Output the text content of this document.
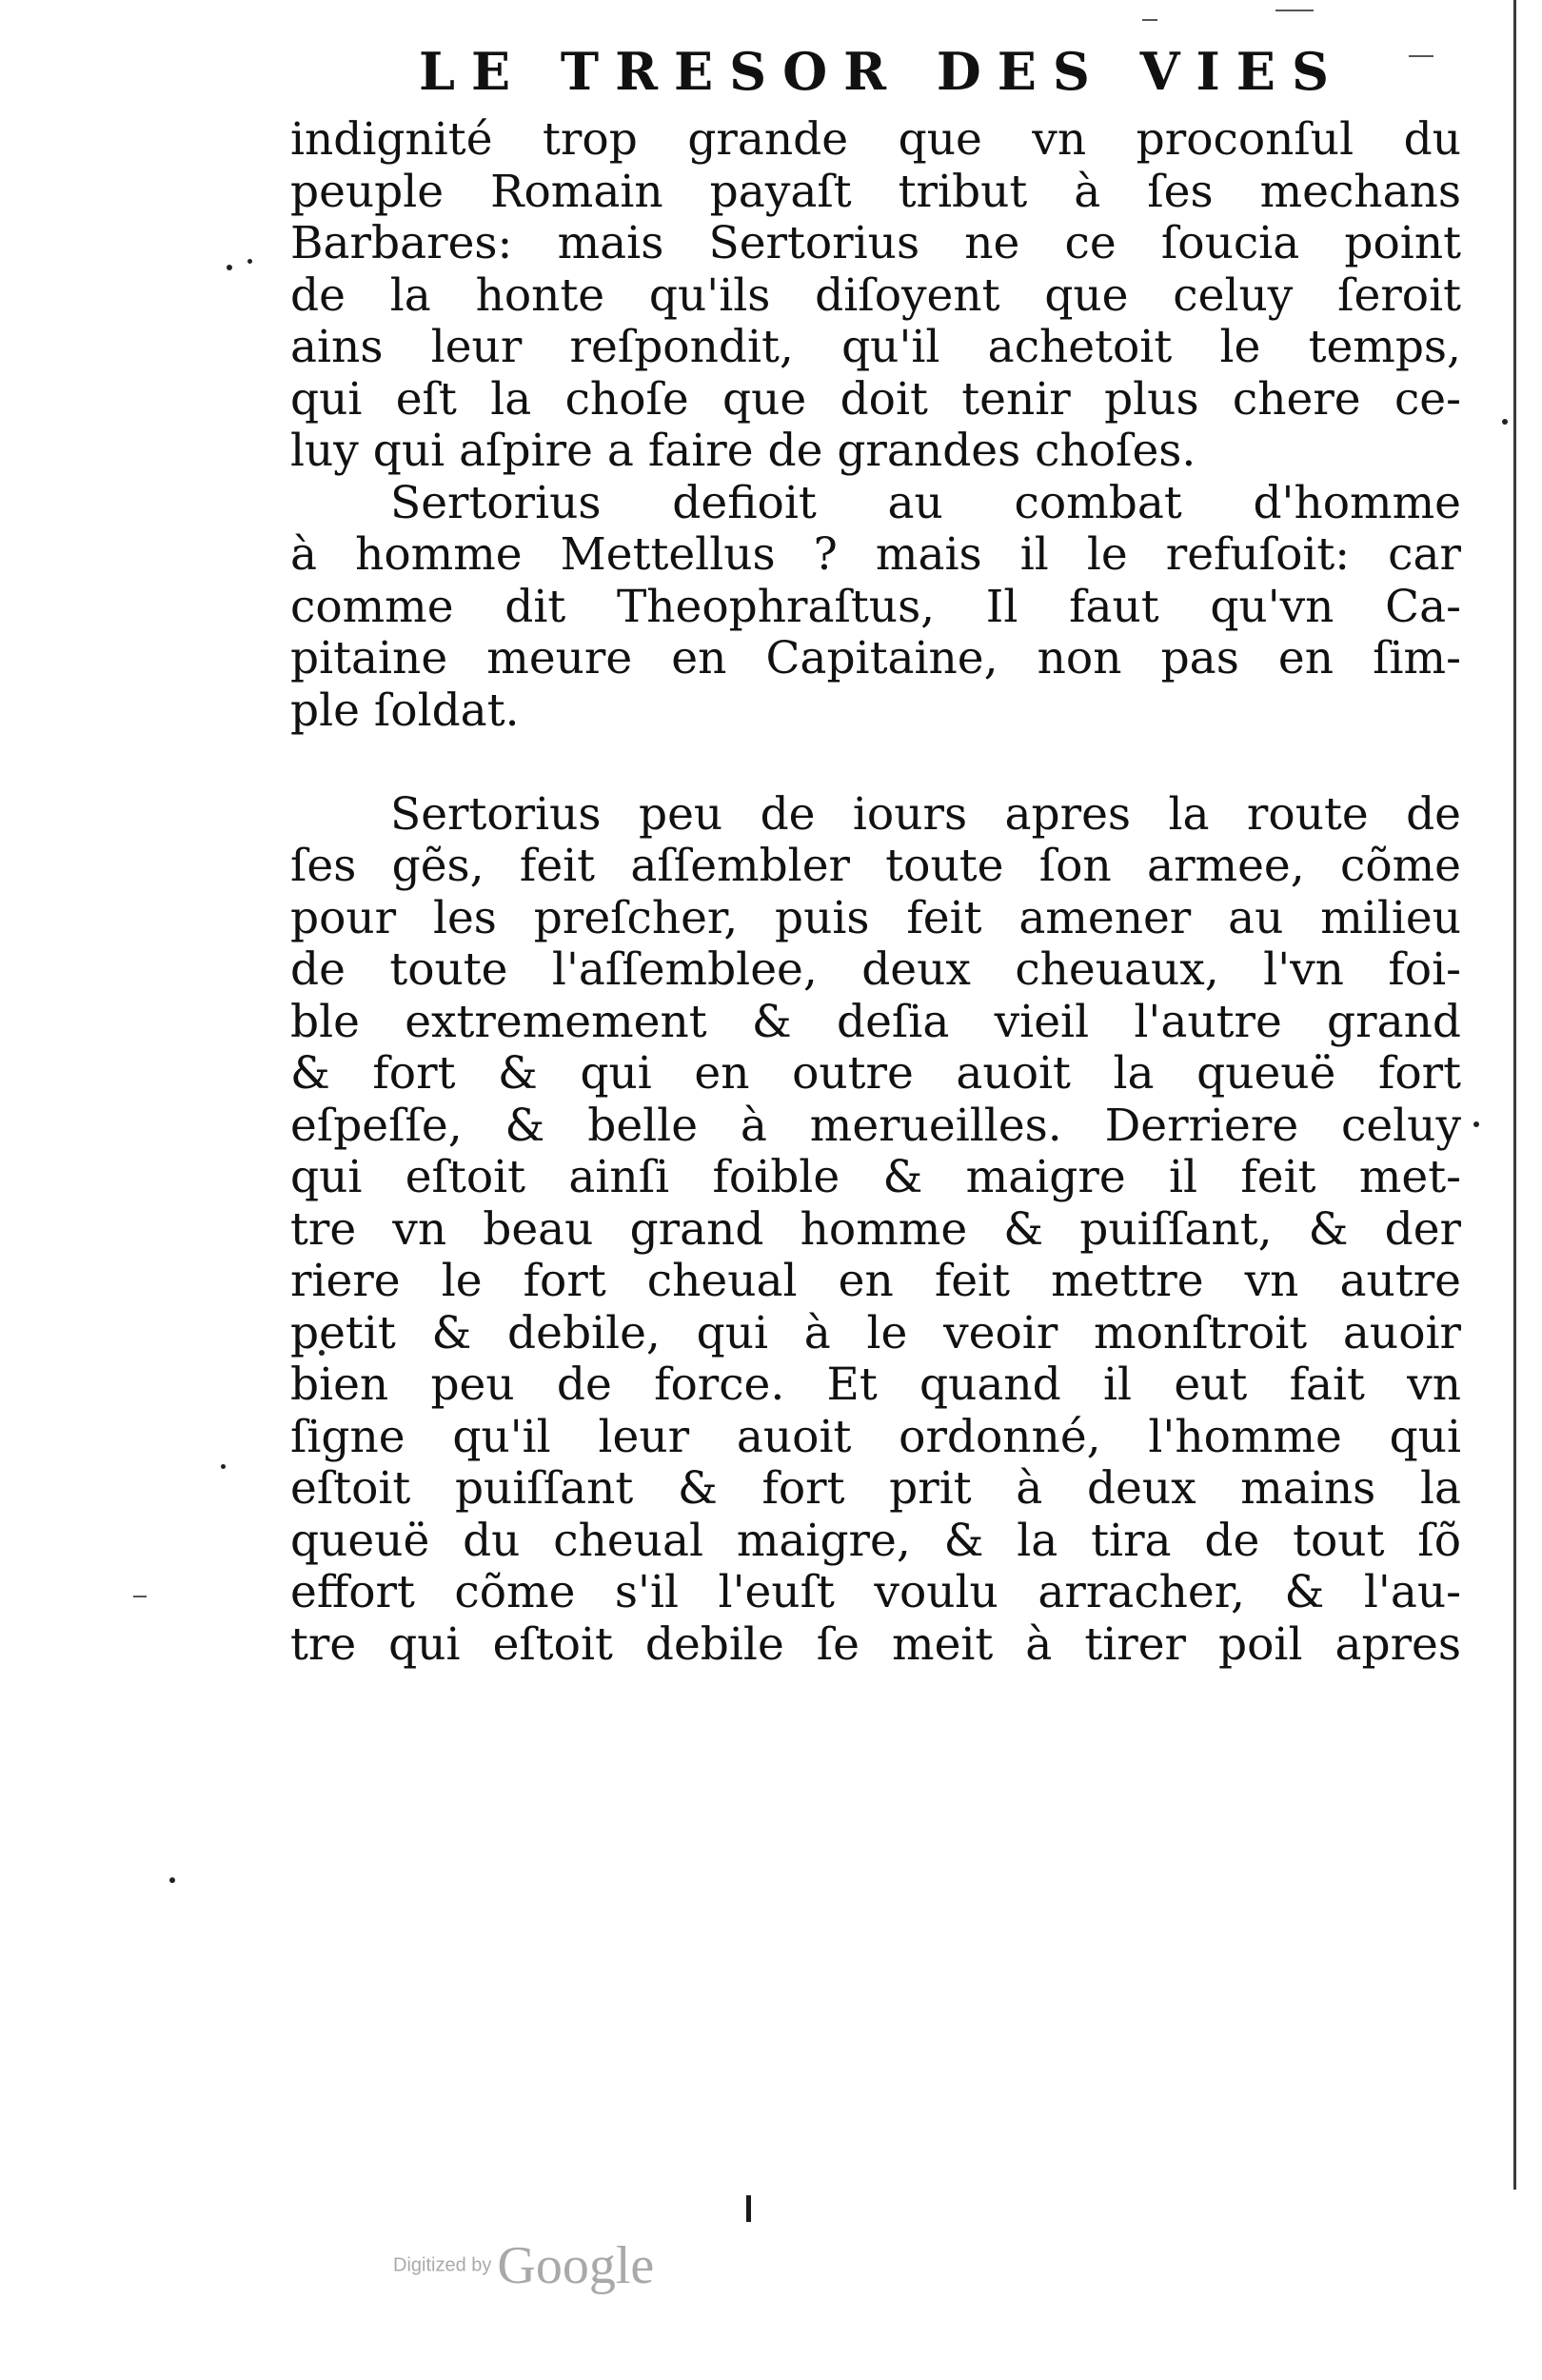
LE TRESOR DES VIES
indignité trop grande que vn proconſul du
peuple Romain payaſt tribut à ſes mechans
Barbares: mais Sertorius ne ce ſoucia point
de la honte qu'ils diſoyent que celuy ſeroit
ains leur reſpondit, qu'il achetoit le temps,
qui eſt la choſe que doit tenir plus chere ce-
luy qui aſpire a faire de grandes choſes.
Sertorius defioit au combat d'homme
à homme Mettellus ? mais il le refuſoit: car
comme dit Theophraſtus, Il faut qu'vn Ca-
pitaine meure en Capitaine, non pas en ſim-
ple ſoldat.
Sertorius peu de iours apres la route de
ſes gẽs, feit aſſembler toute ſon armee, cõme
pour les preſcher, puis feit amener au milieu
de toute l'aſſemblee, deux cheuaux, l'vn foi-
ble extremement & deſia vieil l'autre grand
& fort & qui en outre auoit la queuë fort
eſpeſſe, & belle à merueilles. Derriere celuy
qui eſtoit ainſi foible & maigre il feit met-
tre vn beau grand homme & puiſſant, & der
riere le fort cheual en feit mettre vn autre
petit & debile, qui à le veoir monſtroit auoir
bien peu de force. Et quand il eut fait vn
ſigne qu'il leur auoit ordonné, l'homme qui
eſtoit puiſſant & fort prit à deux mains la
queuë du cheual maigre, & la tira de tout ſõ
effort cõme s'il l'euſt voulu arracher, & l'au-
tre qui eſtoit debile ſe meit à tirer poil apres
Digitized by Google
